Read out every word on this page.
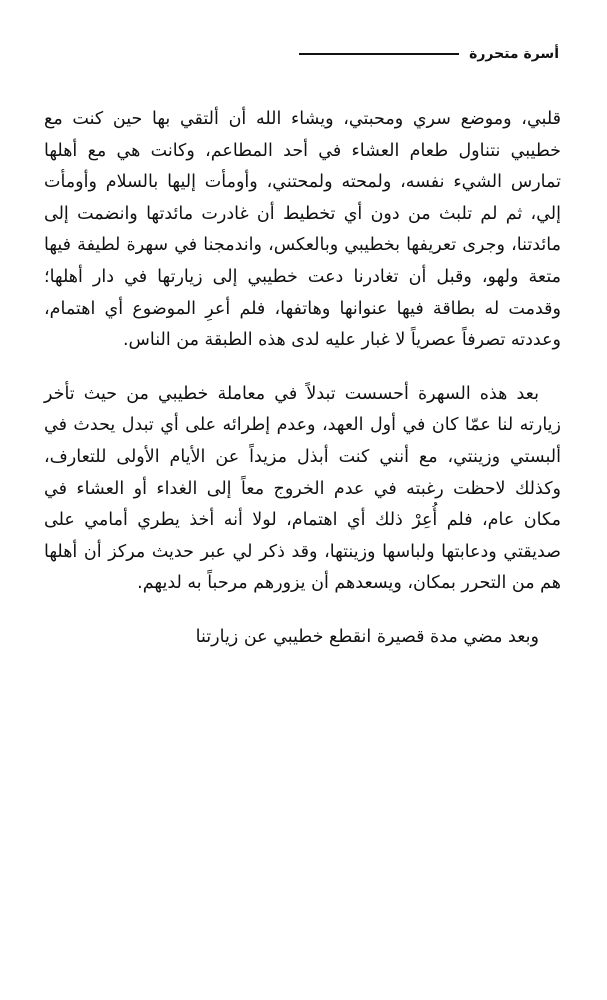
أسرة متحررة

قلبي، وموضع سري ومحبتي، ويشاء الله أن ألتقي بها حين كنت مع خطيبي نتناول طعام العشاء في أحد المطاعم، وكانت هي مع أهلها تمارس الشيء نفسه، ولمحته ولمحتني، وأومأت إليها بالسلام وأومأت إلي، ثم لم تلبث من دون أي تخطيط أن غادرت مائدتها وانضمت إلى مائدتنا، وجرى تعريفها بخطيبي وبالعكس، واندمجنا في سهرة لطيفة فيها متعة ولهو، وقبل أن تغادرنا دعت خطيبي إلى زيارتها في دار أهلها؛ وقدمت له بطاقة فيها عنوانها وهاتفها، فلم أعرِ الموضوع أي اهتمام، وعددته تصرفاً عصرياً لا غبار عليه لدى هذه الطبقة من الناس.

بعد هذه السهرة أحسست تبدلاً في معاملة خطيبي من حيث تأخر زيارته لنا عمّا كان في أول العهد، وعدم إطرائه على أي تبدل يحدث في ألبستي وزينتي، مع أنني كنت أبذل مزيداً عن الأيام الأولى للتعارف، وكذلك لاحظت رغبته في عدم الخروج معاً إلى الغداء أو العشاء في مكان عام، فلم أُعِرْ ذلك أي اهتمام، لولا أنه أخذ يطري أمامي على صديقتي ودعابتها ولباسها وزينتها، وقد ذكر لي عبر حديث مركز أن أهلها هم من التحرر بمكان، ويسعدهم أن يزورهم مرحباً به لديهم.

وبعد مضي مدة قصيرة انقطع خطيبي عن زيارتنا
